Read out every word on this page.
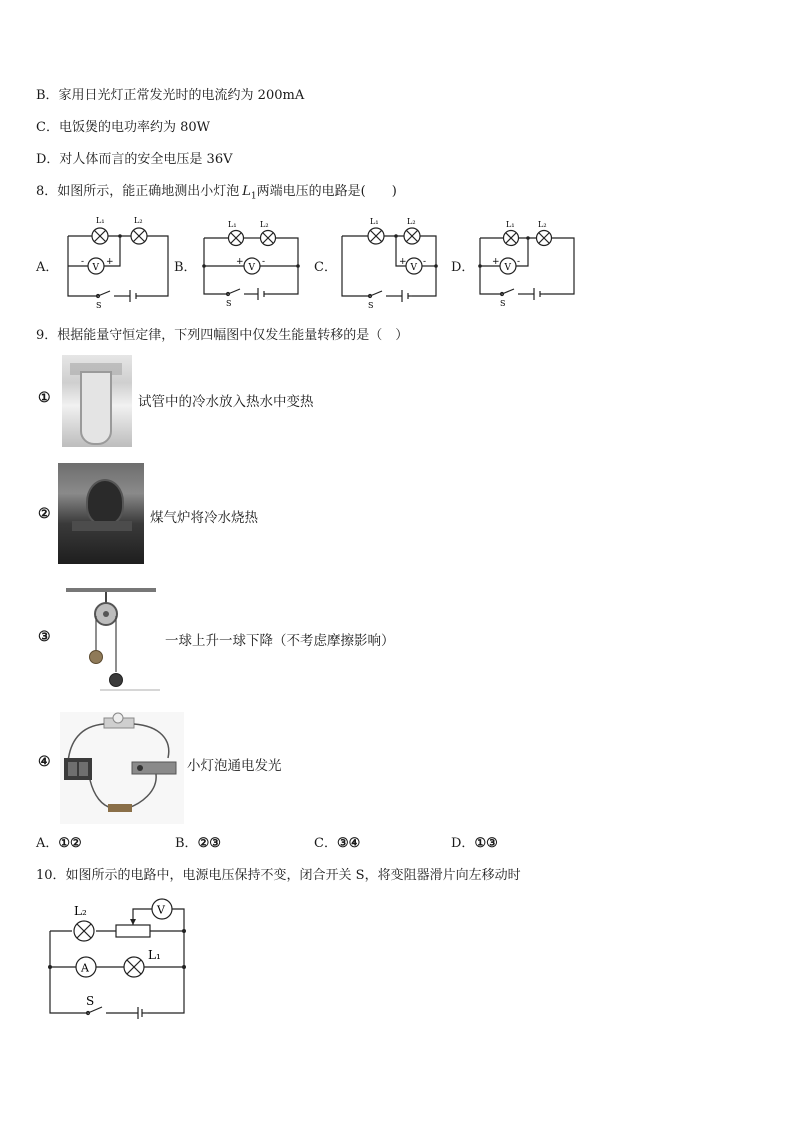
B．家用日光灯正常发光时的电流约为 200mA
C．电饭煲的电功率约为 80W
D．对人体而言的安全电压是 36V
8．如图所示，能正确地测出小灯泡 $L_1$两端电压的电路是(　　)
A．	B．	C．	D．
L₁	L₂
V
- +
S
L₁	L₂
V
+ -
S
L₁	L₂
V
+ -
S
L₁	L₂
V
+ -
S
9．根据能量守恒定律，下列四幅图中仅发生能量转移的是（　）
①	试管中的冷水放入热水中变热
②	煤气炉将冷水烧热
③	一球上升一球下降（不考虑摩擦影响）
④	小灯泡通电发光
A．①②	B．②③	C．③④	D．①③
10．如图所示的电路中，电源电压保持不变，闭合开关 S，将变阻器滑片向左移动时
L₂
L₁
V
A
S
